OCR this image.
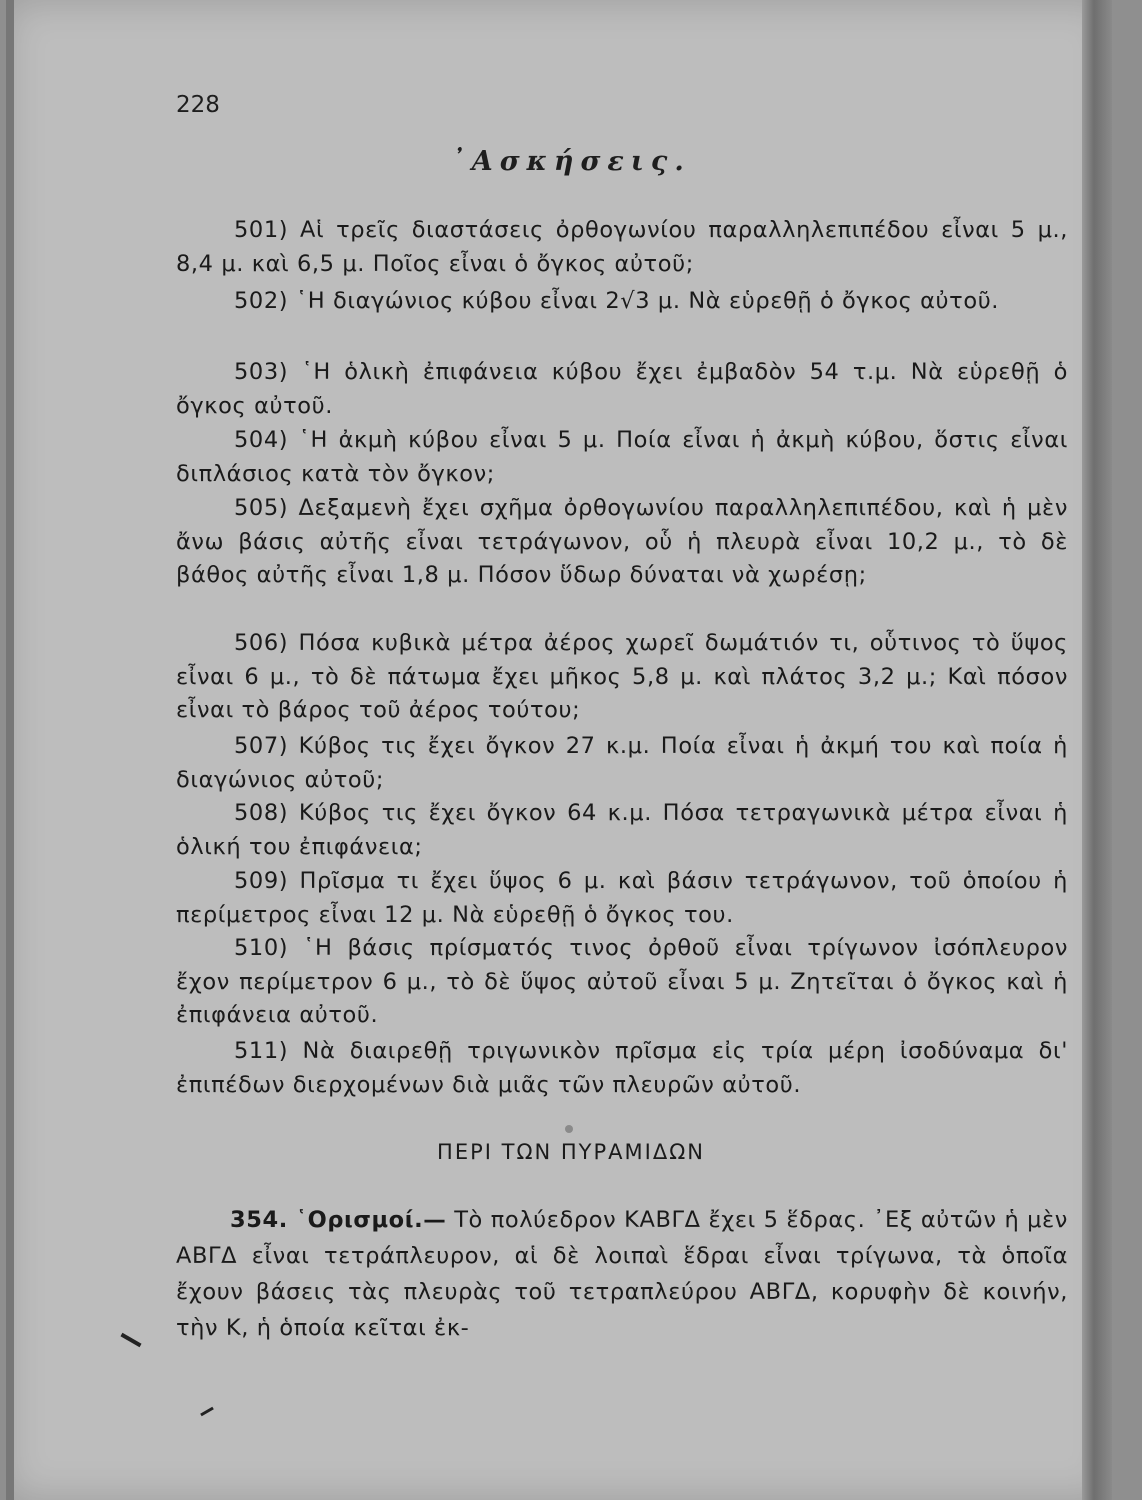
228
᾿Ασκήσεις.
501) Αἱ τρεῖς διαστάσεις ὀρθογωνίου παραλληλεπιπέδου εἶναι 5 μ., 8,4 μ. καὶ 6,5 μ. Ποῖος εἶναι ὁ ὄγκος αὐτοῦ;
502) ῾Η διαγώνιος κύβου εἶναι 2√3 μ. Νὰ εὑρεθῇ ὁ ὄγκος αὐτοῦ.
503) ῾Η ὁλικὴ ἐπιφάνεια κύβου ἔχει ἐμβαδὸν 54 τ.μ. Νὰ εὑρεθῇ ὁ ὄγκος αὐτοῦ.
504) ῾Η ἀκμὴ κύβου εἶναι 5 μ. Ποία εἶναι ἡ ἀκμὴ κύβου, ὅστις εἶναι διπλάσιος κατὰ τὸν ὄγκον;
505) Δεξαμενὴ ἔχει σχῆμα ὀρθογωνίου παραλληλεπιπέδου, καὶ ἡ μὲν ἄνω βάσις αὐτῆς εἶναι τετράγωνον, οὗ ἡ πλευρὰ εἶναι 10,2 μ., τὸ δὲ βάθος αὐτῆς εἶναι 1,8 μ. Πόσον ὕδωρ δύναται νὰ χωρέσῃ;
506) Πόσα κυβικὰ μέτρα ἀέρος χωρεῖ δωμάτιόν τι, οὗτινος τὸ ὕψος εἶναι 6 μ., τὸ δὲ πάτωμα ἔχει μῆκος 5,8 μ. καὶ πλάτος 3,2 μ.; Καὶ πόσον εἶναι τὸ βάρος τοῦ ἀέρος τούτου;
507) Κύβος τις ἔχει ὄγκον 27 κ.μ. Ποία εἶναι ἡ ἀκμή του καὶ ποία ἡ διαγώνιος αὐτοῦ;
508) Κύβος τις ἔχει ὄγκον 64 κ.μ. Πόσα τετραγωνικὰ μέτρα εἶναι ἡ ὁλική του ἐπιφάνεια;
509) Πρῖσμα τι ἔχει ὕψος 6 μ. καὶ βάσιν τετράγωνον, τοῦ ὁποίου ἡ περίμετρος εἶναι 12 μ. Νὰ εὑρεθῇ ὁ ὄγκος του.
510) ῾Η βάσις πρίσματός τινος ὀρθοῦ εἶναι τρίγωνον ἰσόπλευρον ἔχον περίμετρον 6 μ., τὸ δὲ ὕψος αὐτοῦ εἶναι 5 μ. Ζητεῖται ὁ ὄγκος καὶ ἡ ἐπιφάνεια αὐτοῦ.
511) Νὰ διαιρεθῇ τριγωνικὸν πρῖσμα εἰς τρία μέρη ἰσοδύναμα δι' ἐπιπέδων διερχομένων διὰ μιᾶς τῶν πλευρῶν αὐτοῦ.
ΠΕΡΙ ΤΩΝ ΠΥΡΑΜΙΔΩΝ
354. ῾Ορισμοί.— Τὸ πολύεδρον ΚΑΒΓΔ ἔχει 5 ἕδρας. ᾿Εξ αὐτῶν ἡ μὲν ΑΒΓΔ εἶναι τετράπλευρον, αἱ δὲ λοιπαὶ ἕδραι εἶναι τρίγωνα, τὰ ὁποῖα ἔχουν βάσεις τὰς πλευρὰς τοῦ τετραπλεύρου ΑΒΓΔ, κορυφὴν δὲ κοινήν, τὴν Κ, ἡ ὁποία κεῖται ἐκ-
